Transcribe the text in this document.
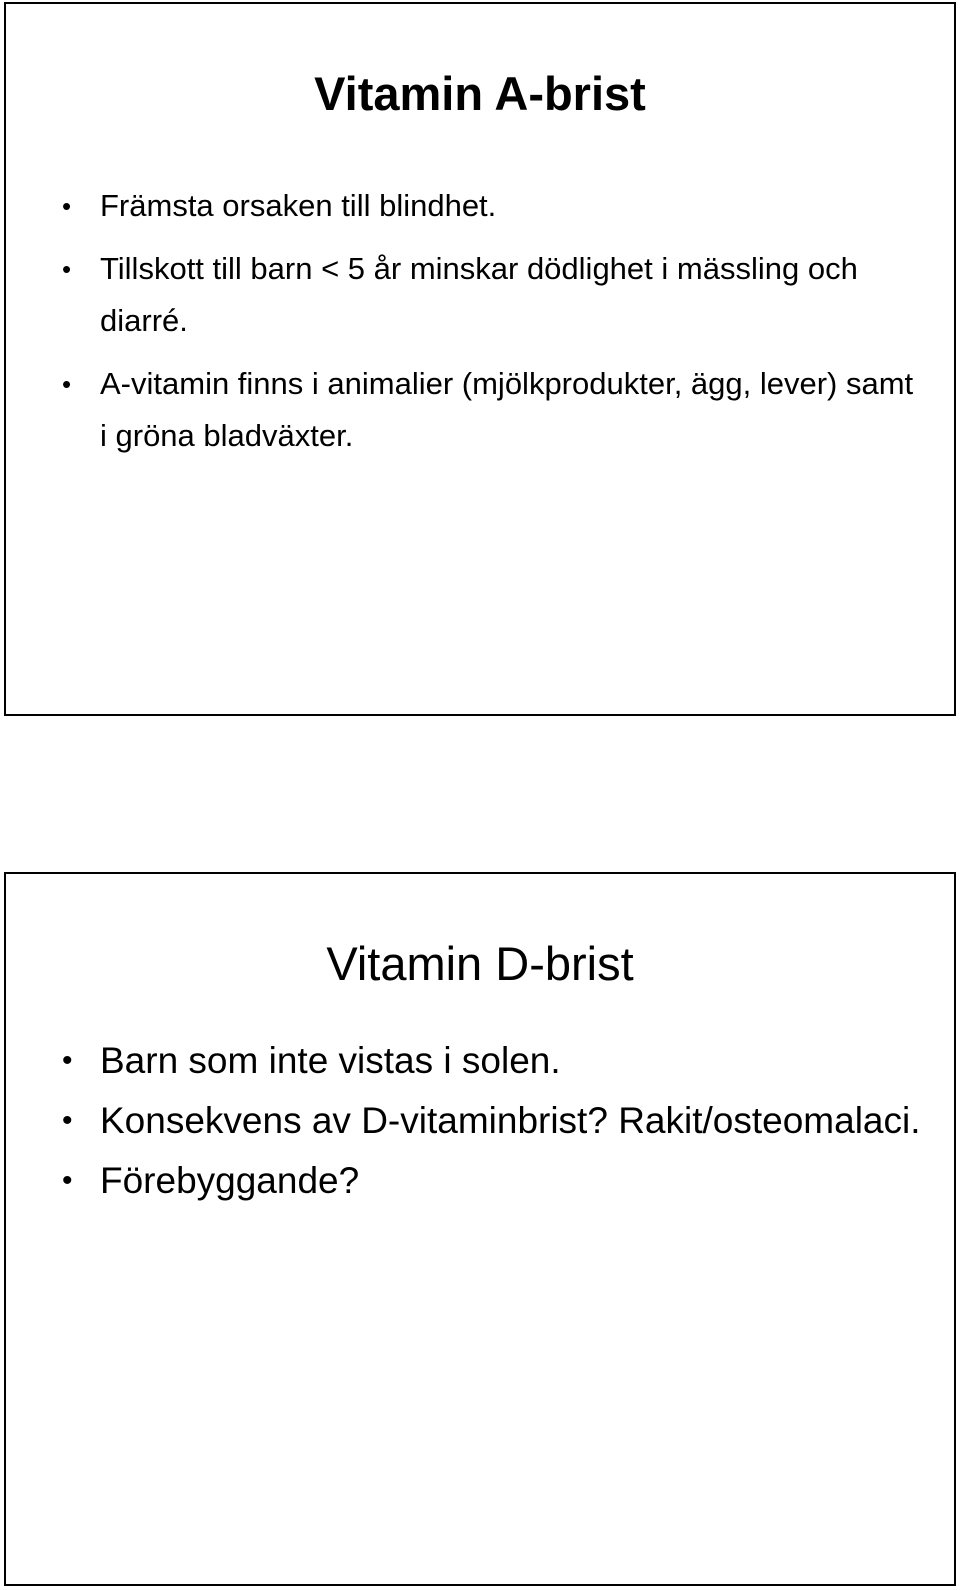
Vitamin A-brist
• Främsta orsaken till blindhet.
• Tillskott till barn < 5 år minskar dödlighet i mässling och diarré.
• A-vitamin finns i animalier (mjölkprodukter, ägg, lever) samt i gröna bladväxter.
Vitamin D-brist
• Barn som inte vistas i solen.
• Konsekvens av D-vitaminbrist? Rakit/osteomalaci.
• Förebyggande?
